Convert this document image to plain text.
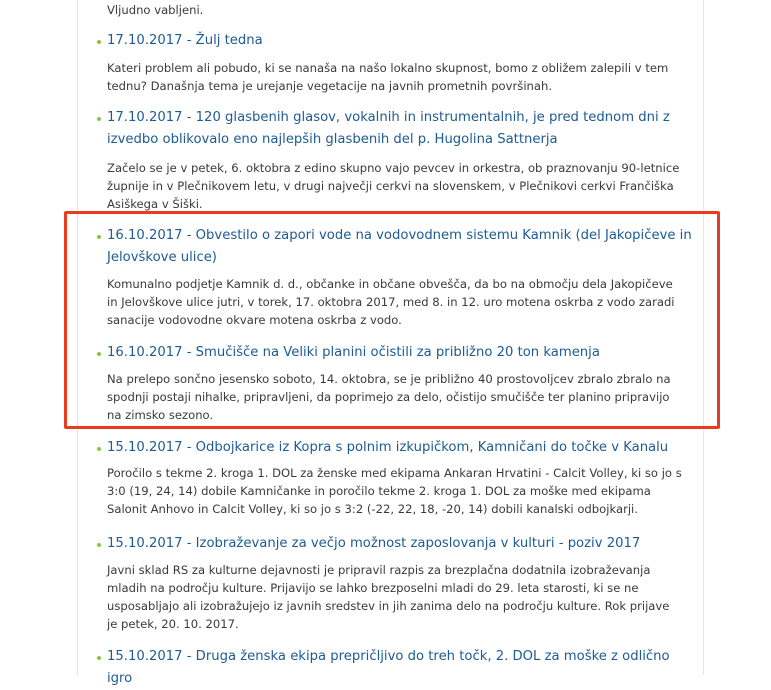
Vljudno vabljeni.
17.10.2017 - Žulj tedna
Kateri problem ali pobudo, ki se nanaša na našo lokalno skupnost, bomo z obližem zalepili v tem
tednu? Današnja tema je urejanje vegetacije na javnih prometnih površinah.
17.10.2017 - 120 glasbenih glasov, vokalnih in instrumentalnih, je pred tednom dni z
izvedbo oblikovalo eno najlepših glasbenih del p. Hugolina Sattnerja
Začelo se je v petek, 6. oktobra z edino skupno vajo pevcev in orkestra, ob praznovanju 90-letnice
župnije in v Plečnikovem letu, v drugi največji cerkvi na slovenskem, v Plečnikovi cerkvi Frančiška
Asiškega v Šiški.
16.10.2017 - Obvestilo o zapori vode na vodovodnem sistemu Kamnik (del Jakopičeve in
Jelovškove ulice)
Komunalno podjetje Kamnik d. d., občanke in občane obvešča, da bo na območju dela Jakopičeve
in Jelovškove ulice jutri, v torek, 17. oktobra 2017, med 8. in 12. uro motena oskrba z vodo zaradi
sanacije vodovodne okvare motena oskrba z vodo.
16.10.2017 - Smučišče na Veliki planini očistili za približno 20 ton kamenja
Na prelepo sončno jesensko soboto, 14. oktobra, se je približno 40 prostovoljcev zbralo zbralo na
spodnji postaji nihalke, pripravljeni, da poprimejo za delo, očistijo smučišče ter planino pripravijo
na zimsko sezono.
15.10.2017 - Odbojkarice iz Kopra s polnim izkupičkom, Kamničani do točke v Kanalu
Poročilo s tekme 2. kroga 1. DOL za ženske med ekipama Ankaran Hrvatini - Calcit Volley, ki so jo s
3:0 (19, 24, 14) dobile Kamničanke in poročilo tekme 2. kroga 1. DOL za moške med ekipama
Salonit Anhovo in Calcit Volley, ki so jo s 3:2 (-22, 22, 18, -20, 14) dobili kanalski odbojkarji.
15.10.2017 - Izobraževanje za večjo možnost zaposlovanja v kulturi - poziv 2017
Javni sklad RS za kulturne dejavnosti je pripravil razpis za brezplačna dodatnila izobraževanja
mladih na področju kulture. Prijavijo se lahko brezposelni mladi do 29. leta starosti, ki se ne
usposabljajo ali izobražujejo iz javnih sredstev in jih zanima delo na področju kulture. Rok prijave
je petek, 20. 10. 2017.
15.10.2017 - Druga ženska ekipa prepričljivo do treh točk, 2. DOL za moške z odlično igro
